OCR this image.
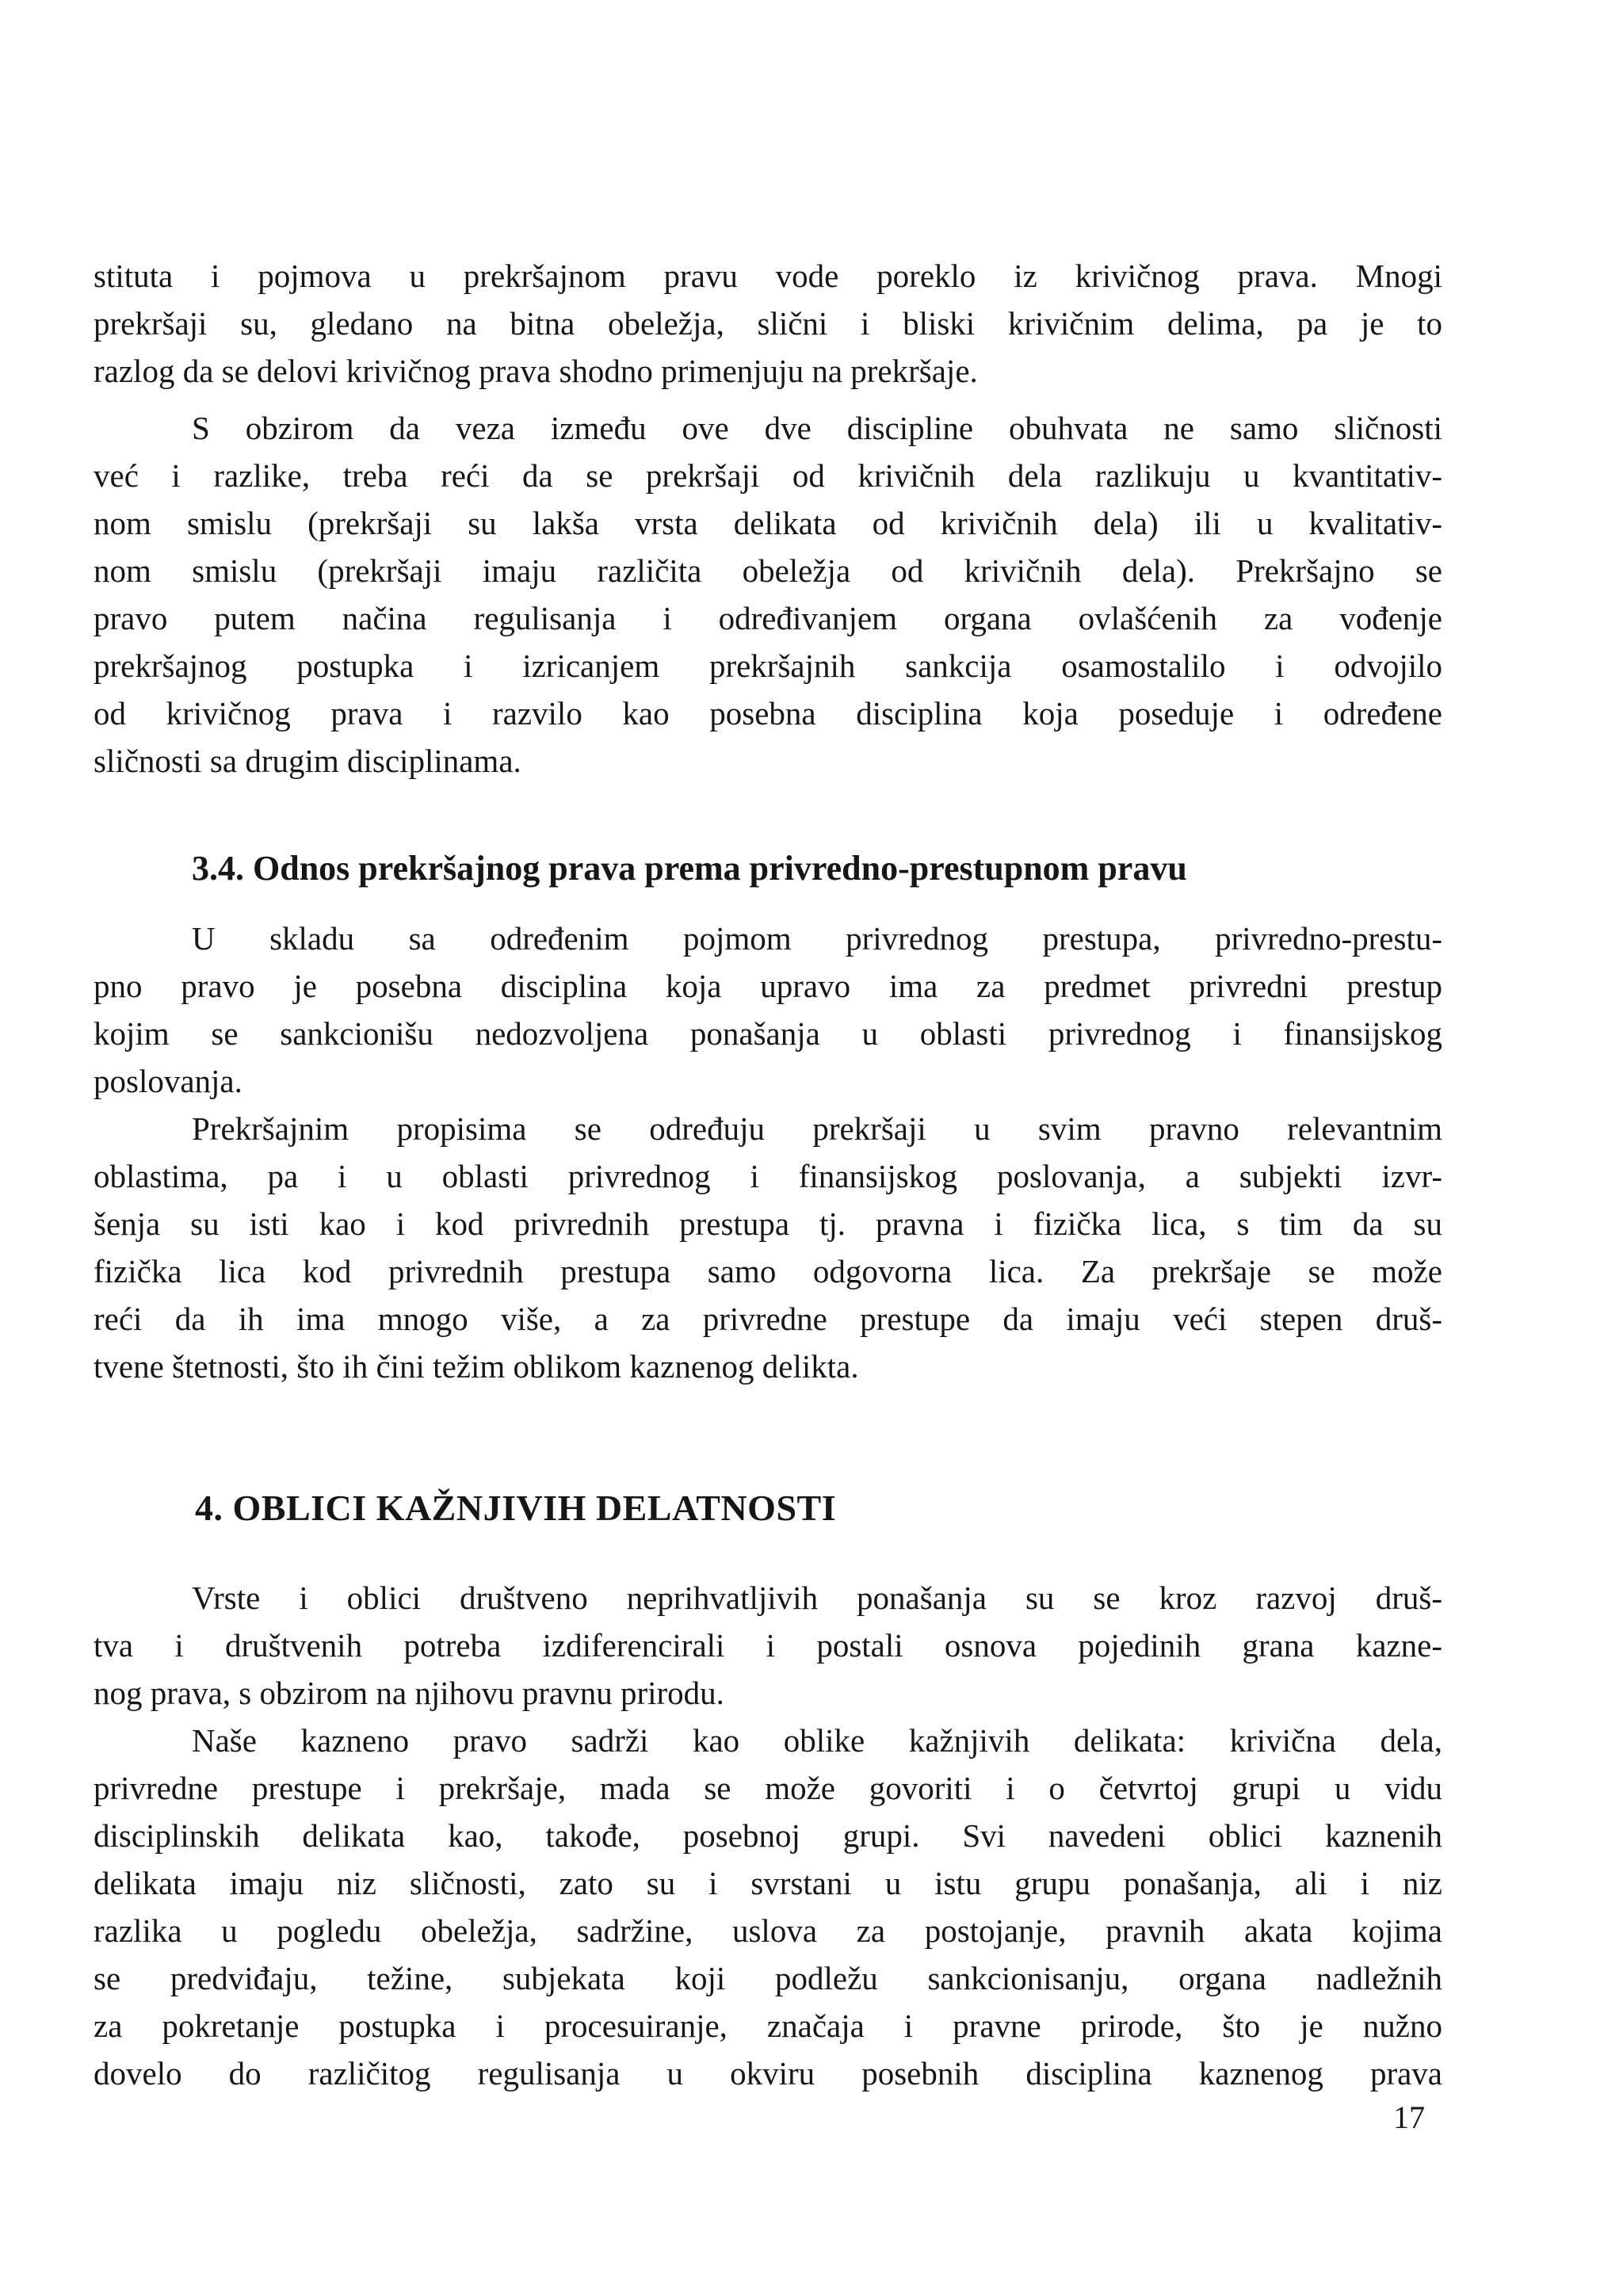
stituta i pojmova u prekršajnom pravu vode poreklo iz krivičnog prava. Mnogi
prekršaji su, gledano na bitna obeležja, slični i bliski krivičnim delima, pa je to
razlog da se delovi krivičnog prava shodno primenjuju na prekršaje.
S obzirom da veza između ove dve discipline obuhvata ne samo sličnosti
već i razlike, treba reći da se prekršaji od krivičnih dela razlikuju u kvantitativ-
nom smislu (prekršaji su lakša vrsta delikata od krivičnih dela) ili u kvalitativ-
nom smislu (prekršaji imaju različita obeležja od krivičnih dela). Prekršajno se
pravo putem načina regulisanja i određivanjem organa ovlašćenih za vođenje
prekršajnog postupka i izricanjem prekršajnih sankcija osamostalilo i odvojilo
od krivičnog prava i razvilo kao posebna disciplina koja poseduje i određene
sličnosti sa drugim disciplinama.
3.4. Odnos prekršajnog prava prema privredno-prestupnom pravu
U skladu sa određenim pojmom privrednog prestupa, privredno-prestu-
pno pravo je posebna disciplina koja upravo ima za predmet privredni prestup
kojim se sankcionišu nedozvoljena ponašanja u oblasti privrednog i finansijskog
poslovanja.
Prekršajnim propisima se određuju prekršaji u svim pravno relevantnim
oblastima, pa i u oblasti privrednog i finansijskog poslovanja, a subjekti izvr-
šenja su isti kao i kod privrednih prestupa tj. pravna i fizička lica, s tim da su
fizička lica kod privrednih prestupa samo odgovorna lica. Za prekršaje se može
reći da ih ima mnogo više, a za privredne prestupe da imaju veći stepen druš-
tvene štetnosti, što ih čini težim oblikom kaznenog delikta.
4. OBLICI KAŽNJIVIH DELATNOSTI
Vrste i oblici društveno neprihvatljivih ponašanja su se kroz razvoj druš-
tva i društvenih potreba izdiferencirali i postali osnova pojedinih grana kazne-
nog prava, s obzirom na njihovu pravnu prirodu.
Naše kazneno pravo sadrži kao oblike kažnjivih delikata: krivična dela,
privredne prestupe i prekršaje, mada se može govoriti i o četvrtoj grupi u vidu
disciplinskih delikata kao, takođe, posebnoj grupi. Svi navedeni oblici kaznenih
delikata imaju niz sličnosti, zato su i svrstani u istu grupu ponašanja, ali i niz
razlika u pogledu obeležja, sadržine, uslova za postojanje, pravnih akata kojima
se predviđaju, težine, subjekata koji podležu sankcionisanju, organa nadležnih
za pokretanje postupka i procesuiranje, značaja i pravne prirode, što je nužno
dovelo do različitog regulisanja u okviru posebnih disciplina kaznenog prava
17
